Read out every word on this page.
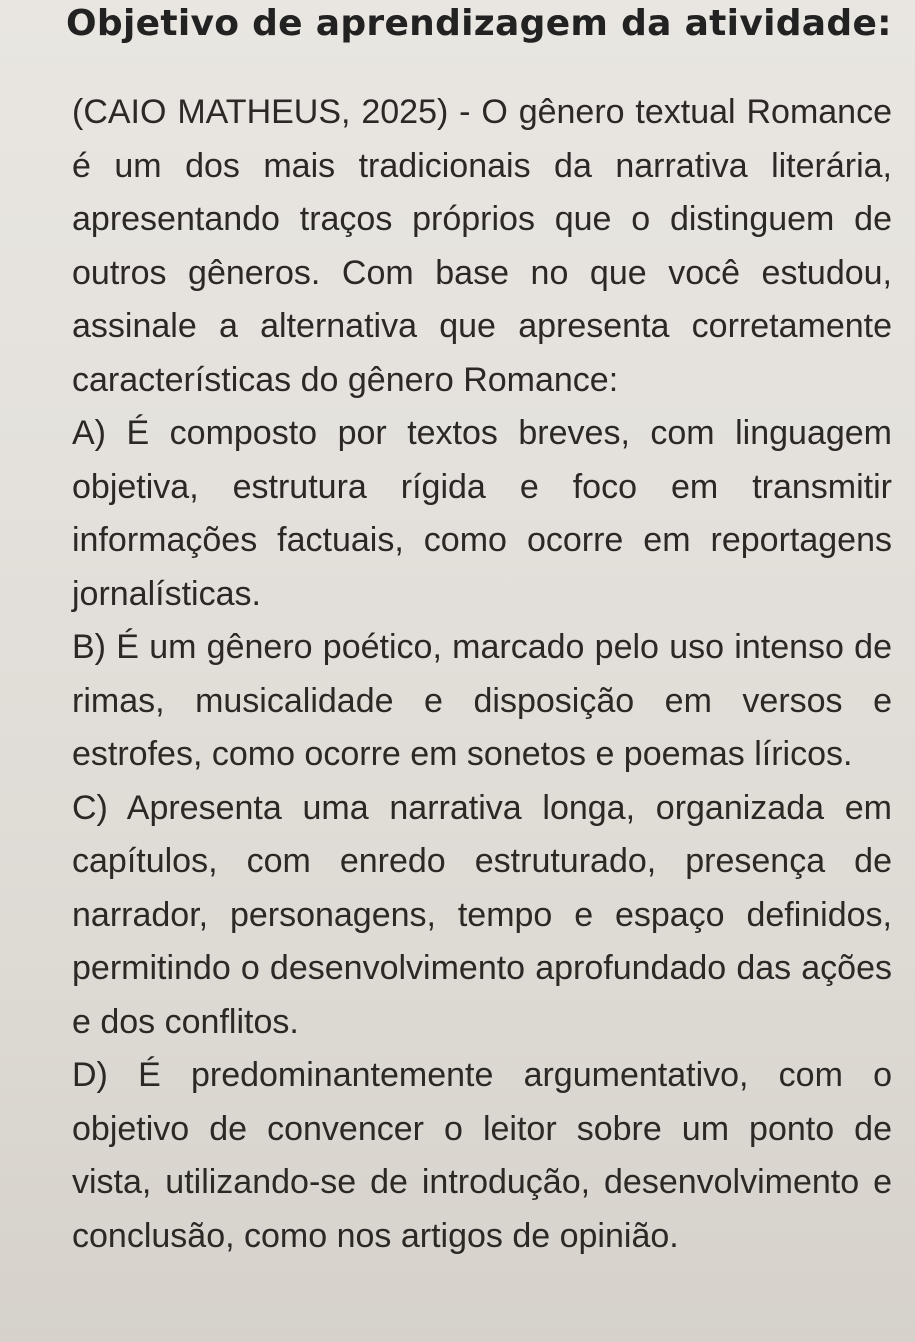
Objetivo de aprendizagem da atividade:

(CAIO MATHEUS, 2025) - O gênero textual Romance é um dos mais tradicionais da narrativa literária, apresentando traços próprios que o distinguem de outros gêneros. Com base no que você estudou, assinale a alternativa que apresenta corretamente características do gênero Romance:

A) É composto por textos breves, com linguagem objetiva, estrutura rígida e foco em transmitir informações factuais, como ocorre em reportagens jornalísticas.

B) É um gênero poético, marcado pelo uso intenso de rimas, musicalidade e disposição em versos e estrofes, como ocorre em sonetos e poemas líricos.

C) Apresenta uma narrativa longa, organizada em capítulos, com enredo estruturado, presença de narrador, personagens, tempo e espaço definidos, permitindo o desenvolvimento aprofundado das ações e dos conflitos.

D) É predominantemente argumentativo, com o objetivo de convencer o leitor sobre um ponto de vista, utilizando-se de introdução, desenvolvimento e conclusão, como nos artigos de opinião.
